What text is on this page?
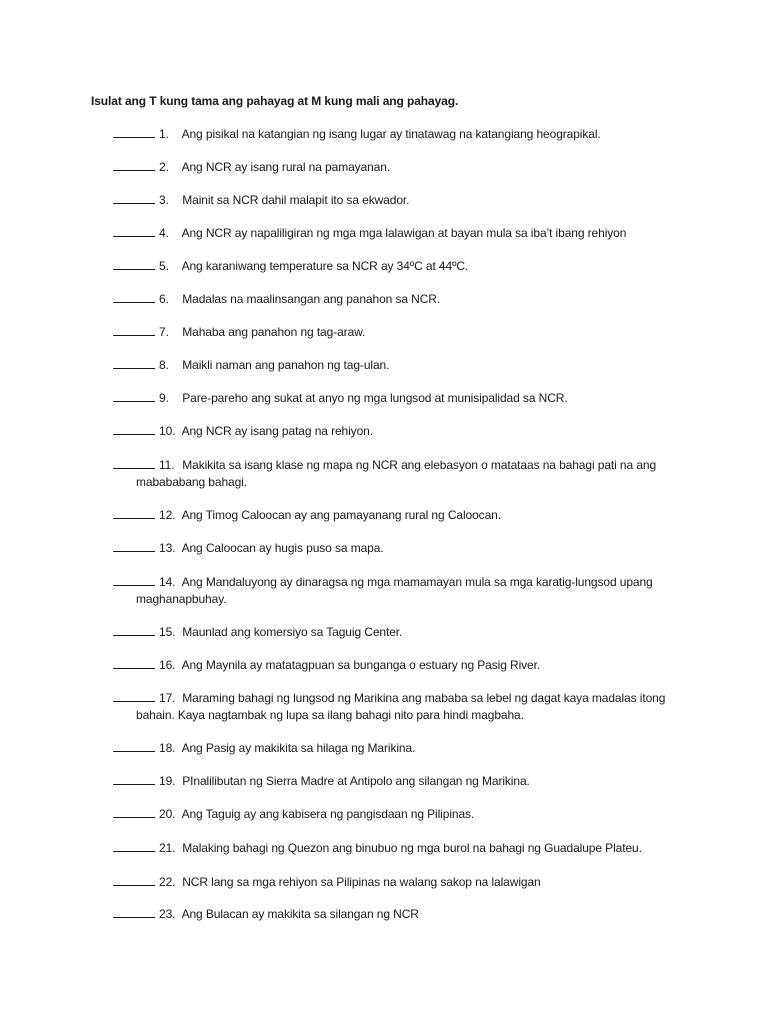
Isulat ang T kung tama ang pahayag at M kung mali ang pahayag.
1. Ang pisikal na katangian ng isang lugar ay tinatawag na katangiang heograpikal.
2. Ang NCR ay isang rural na pamayanan.
3. Mainit sa NCR dahil malapit ito sa ekwador.
4. Ang NCR ay napaliligiran ng mga mga lalawigan at bayan mula sa iba’t ibang rehiyon
5. Ang karaniwang temperature sa NCR ay 34ºC at 44ºC.
6. Madalas na maalinsangan ang panahon sa NCR.
7. Mahaba ang panahon ng tag-araw.
8. Maikli naman ang panahon ng tag-ulan.
9. Pare-pareho ang sukat at anyo ng mga lungsod at munisipalidad sa NCR.
10. Ang NCR ay isang patag na rehiyon.
11. Makikita sa isang klase ng mapa ng NCR ang elebasyon o matataas na bahagi pati na ang
mabababang bahagi.
12. Ang Timog Caloocan ay ang pamayanang rural ng Caloocan.
13. Ang Caloocan ay hugis puso sa mapa.
14. Ang Mandaluyong ay dinaragsa ng mga mamamayan mula sa mga karatig-lungsod upang
maghanapbuhay.
15. Maunlad ang komersiyo sa Taguig Center.
16. Ang Maynila ay matatagpuan sa bunganga o estuary ng Pasig River.
17. Maraming bahagi ng lungsod ng Marikina ang mababa sa lebel ng dagat kaya madalas itong
bahain. Kaya nagtambak ng lupa sa ilang bahagi nito para hindi magbaha.
18. Ang Pasig ay makikita sa hilaga ng Marikina.
19. PInalilibutan ng Sierra Madre at Antipolo ang silangan ng Marikina.
20. Ang Taguig ay ang kabisera ng pangisdaan ng Pilipinas.
21. Malaking bahagi ng Quezon ang binubuo ng mga burol na bahagi ng Guadalupe Plateu.
22. NCR lang sa mga rehiyon sa Pilipinas na walang sakop na lalawigan
23. Ang Bulacan ay makikita sa silangan ng NCR
